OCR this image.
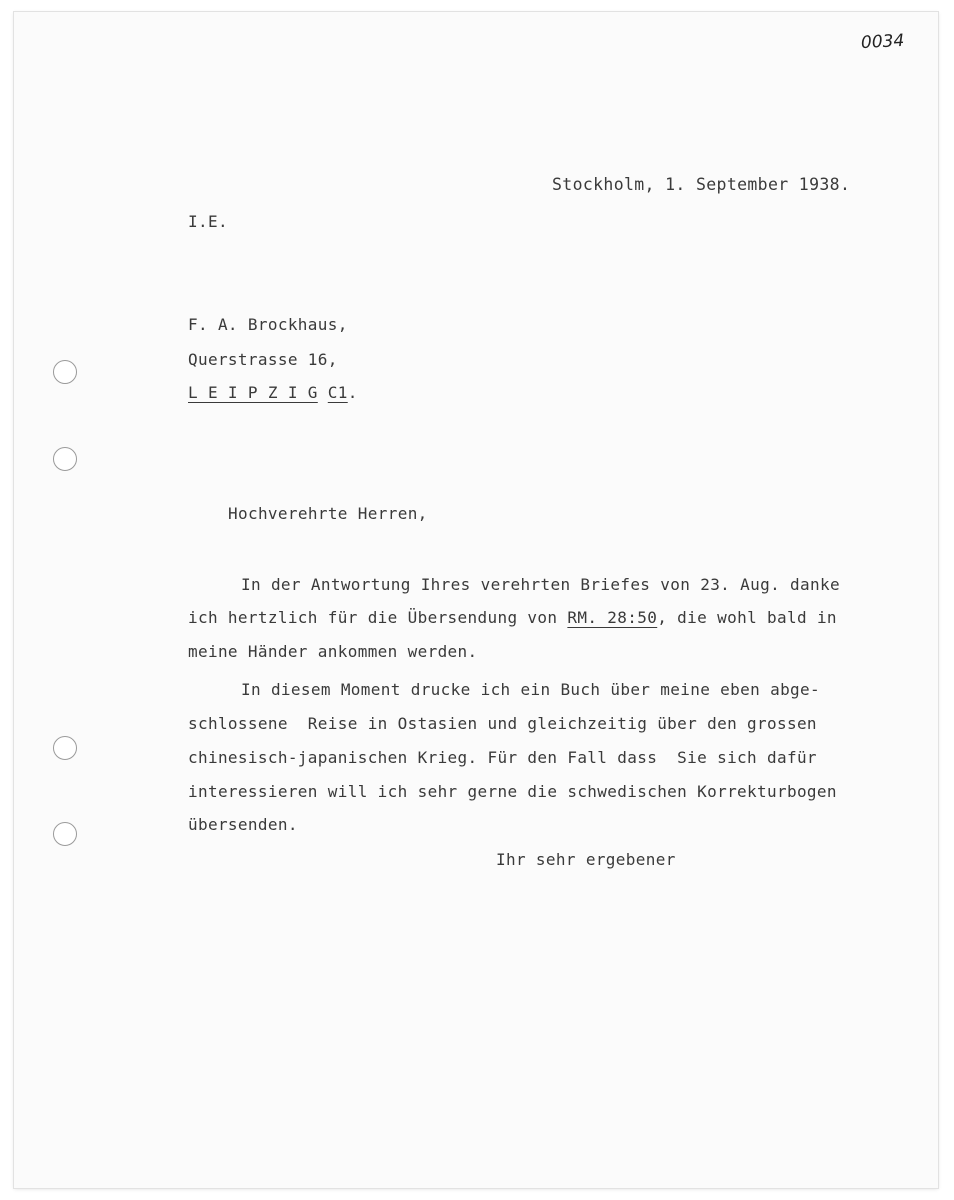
0034
Stockholm, 1. September 1938.
I.E.
F. A. Brockhaus,
Querstrasse 16,
L E I P Z I G C1.
Hochverehrte Herren,
In der Antwortung Ihres verehrten Briefes von 23. Aug. danke
ich hertzlich für die Übersendung von RM. 28:50, die wohl bald in
meine Händer ankommen werden.
In diesem Moment drucke ich ein Buch über meine eben abge-
schlossene  Reise in Ostasien und gleichzeitig über den grossen
chinesisch-japanischen Krieg. Für den Fall dass  Sie sich dafür
interessieren will ich sehr gerne die schwedischen Korrekturbogen
übersenden.
Ihr sehr ergebener
